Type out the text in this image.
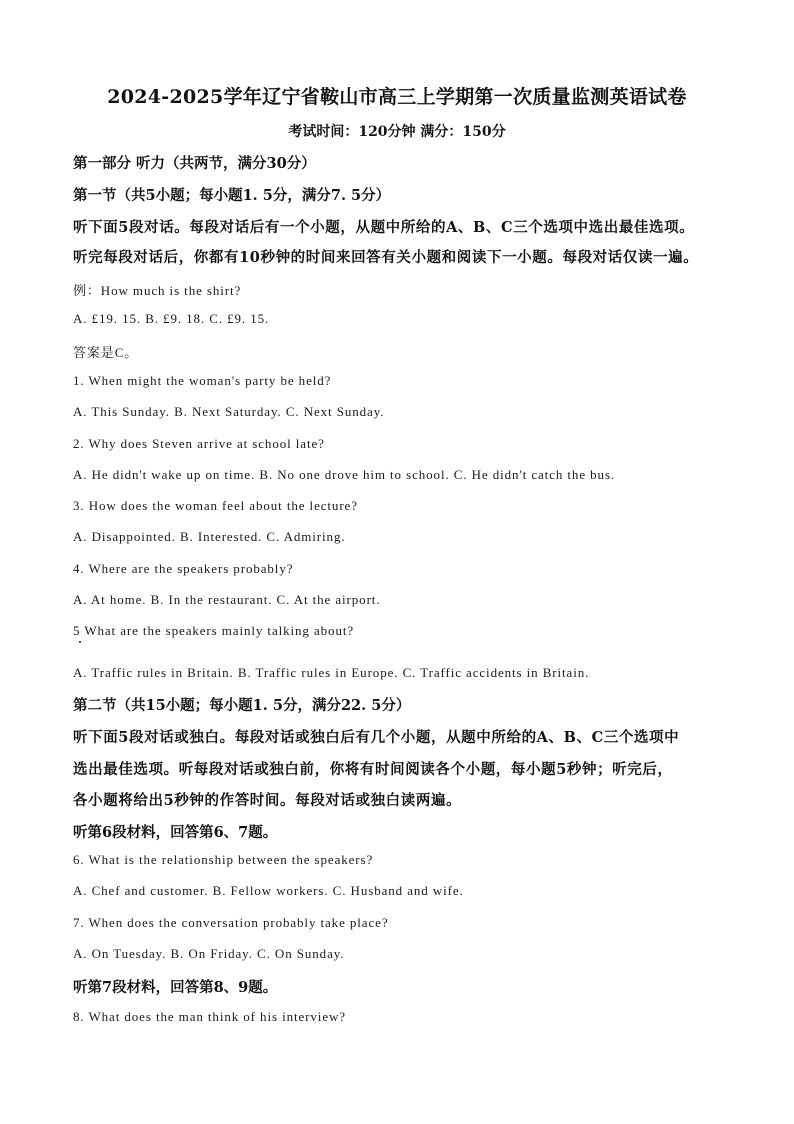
2024-2025学年辽宁省鞍山市高三上学期第一次质量监测英语试卷
考试时间：120分钟 满分：150分
第一部分 听力（共两节，满分30分）
第一节（共5小题；每小题1. 5分，满分7. 5分）
听下面5段对话。每段对话后有一个小题，从题中所给的A、B、C三个选项中选出最佳选项。
听完每段对话后，你都有10秒钟的时间来回答有关小题和阅读下一小题。每段对话仅读一遍。
例：How much is the shirt?
A. £19. 15. B. £9. 18. C. £9. 15.
答案是C。
1. When might the woman's party be held?
A. This Sunday. B. Next Saturday. C. Next Sunday.
2. Why does Steven arrive at school late?
A. He didn't wake up on time. B. No one drove him to school. C. He didn't catch the bus.
3. How does the woman feel about the lecture?
A. Disappointed. B. Interested. C. Admiring.
4. Where are the speakers probably?
A. At home. B. In the restaurant. C. At the airport.
5 What are the speakers mainly talking about?
A. Traffic rules in Britain. B. Traffic rules in Europe. C. Traffic accidents in Britain.
第二节（共15小题；每小题1. 5分，满分22. 5分）
听下面5段对话或独白。每段对话或独白后有几个小题，从题中所给的A、B、C三个选项中
选出最佳选项。听每段对话或独白前，你将有时间阅读各个小题，每小题5秒钟；听完后，
各小题将给出5秒钟的作答时间。每段对话或独白读两遍。
听第6段材料，回答第6、7题。
6. What is the relationship between the speakers?
A. Chef and customer. B. Fellow workers. C. Husband and wife.
7. When does the conversation probably take place?
A. On Tuesday. B. On Friday. C. On Sunday.
听第7段材料，回答第8、9题。
8. What does the man think of his interview?
